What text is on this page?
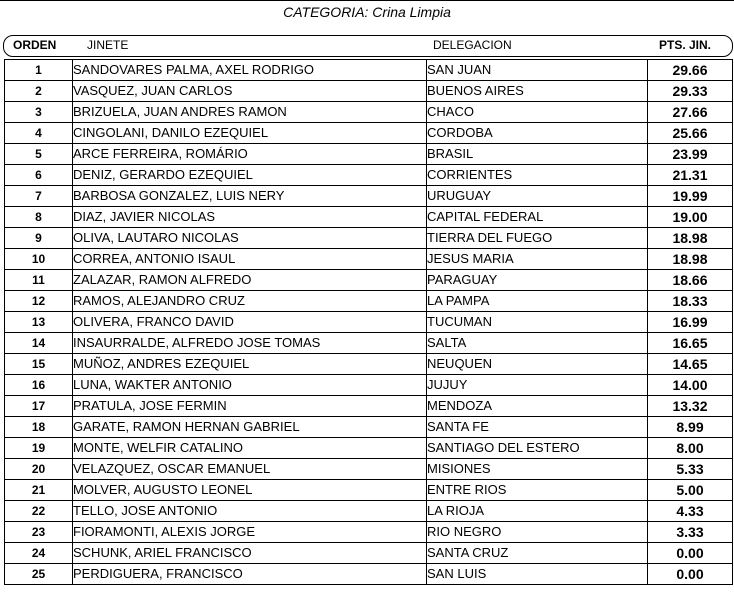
CATEGORIA: Crina Limpia
ORDEN	JINETE	DELEGACION	PTS. JIN.
1	SANDOVARES PALMA, AXEL RODRIGO	SAN JUAN	29.66
2	VASQUEZ, JUAN CARLOS	BUENOS AIRES	29.33
3	BRIZUELA, JUAN ANDRES RAMON	CHACO	27.66
4	CINGOLANI, DANILO EZEQUIEL	CORDOBA	25.66
5	ARCE FERREIRA, ROMÁRIO	BRASIL	23.99
6	DENIZ, GERARDO EZEQUIEL	CORRIENTES	21.31
7	BARBOSA GONZALEZ, LUIS NERY	URUGUAY	19.99
8	DIAZ, JAVIER NICOLAS	CAPITAL FEDERAL	19.00
9	OLIVA, LAUTARO NICOLAS	TIERRA DEL FUEGO	18.98
10	CORREA, ANTONIO ISAUL	JESUS MARIA	18.98
11	ZALAZAR, RAMON ALFREDO	PARAGUAY	18.66
12	RAMOS, ALEJANDRO CRUZ	LA PAMPA	18.33
13	OLIVERA, FRANCO DAVID	TUCUMAN	16.99
14	INSAURRALDE, ALFREDO JOSE TOMAS	SALTA	16.65
15	MUÑOZ, ANDRES EZEQUIEL	NEUQUEN	14.65
16	LUNA, WAKTER ANTONIO	JUJUY	14.00
17	PRATULA, JOSE FERMIN	MENDOZA	13.32
18	GARATE, RAMON HERNAN GABRIEL	SANTA FE	8.99
19	MONTE, WELFIR CATALINO	SANTIAGO DEL ESTERO	8.00
20	VELAZQUEZ, OSCAR EMANUEL	MISIONES	5.33
21	MOLVER, AUGUSTO LEONEL	ENTRE RIOS	5.00
22	TELLO, JOSE ANTONIO	LA RIOJA	4.33
23	FIORAMONTI, ALEXIS JORGE	RIO NEGRO	3.33
24	SCHUNK, ARIEL FRANCISCO	SANTA CRUZ	0.00
25	PERDIGUERA, FRANCISCO	SAN LUIS	0.00
